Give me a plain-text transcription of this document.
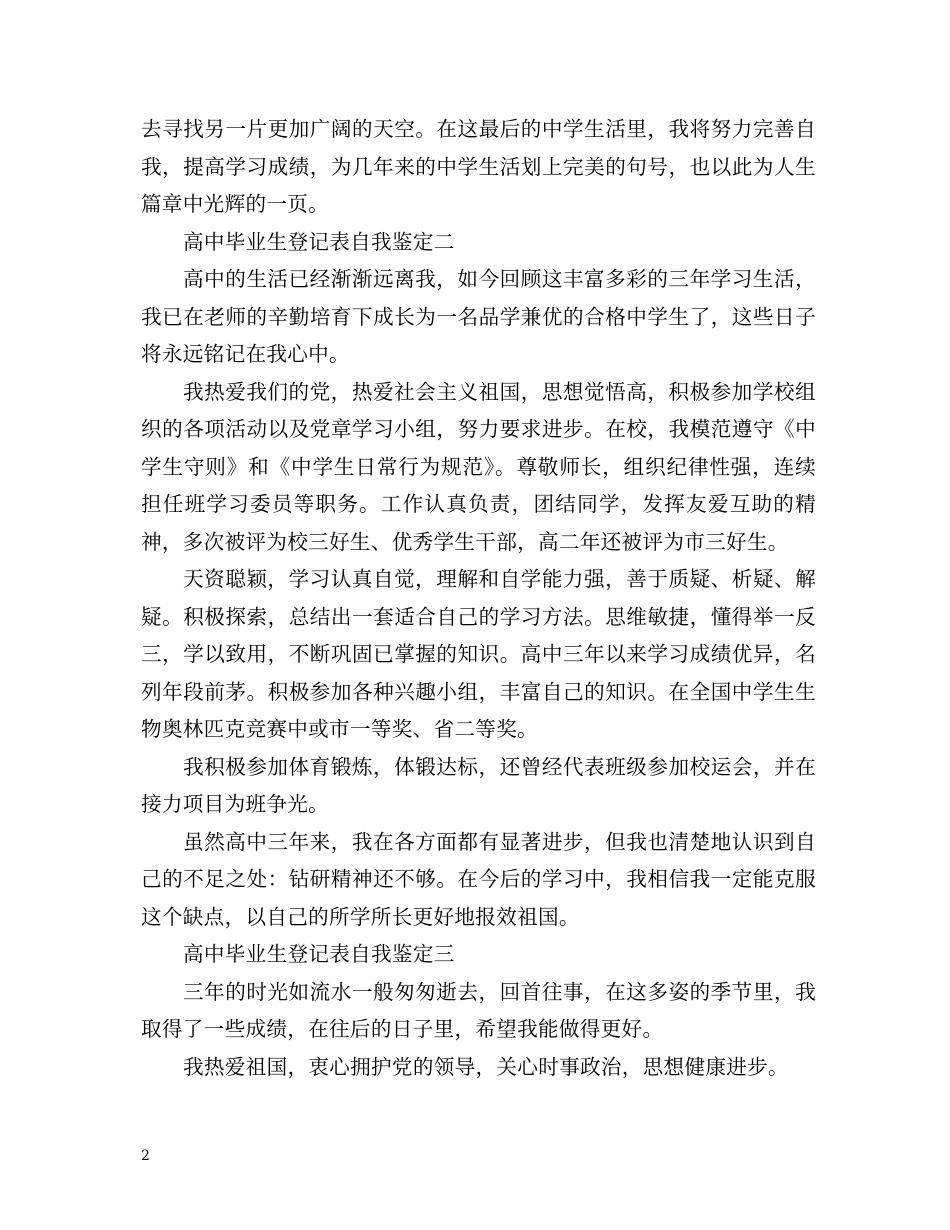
去寻找另一片更加广阔的天空。在这最后的中学生活里，我将努力完善自我，提高学习成绩，为几年来的中学生活划上完美的句号，也以此为人生篇章中光辉的一页。

高中毕业生登记表自我鉴定二

高中的生活已经渐渐远离我，如今回顾这丰富多彩的三年学习生活，我已在老师的辛勤培育下成长为一名品学兼优的合格中学生了，这些日子将永远铭记在我心中。

我热爱我们的党，热爱社会主义祖国，思想觉悟高，积极参加学校组织的各项活动以及党章学习小组，努力要求进步。在校，我模范遵守《中学生守则》和《中学生日常行为规范》。尊敬师长，组织纪律性强，连续担任班学习委员等职务。工作认真负责，团结同学，发挥友爱互助的精神，多次被评为校三好生、优秀学生干部，高二年还被评为市三好生。

天资聪颖，学习认真自觉，理解和自学能力强，善于质疑、析疑、解疑。积极探索，总结出一套适合自己的学习方法。思维敏捷，懂得举一反三，学以致用，不断巩固已掌握的知识。高中三年以来学习成绩优异，名列年段前茅。积极参加各种兴趣小组，丰富自己的知识。在全国中学生生物奥林匹克竞赛中或市一等奖、省二等奖。

我积极参加体育锻炼，体锻达标，还曾经代表班级参加校运会，并在接力项目为班争光。

虽然高中三年来，我在各方面都有显著进步，但我也清楚地认识到自己的不足之处：钻研精神还不够。在今后的学习中，我相信我一定能克服这个缺点，以自己的所学所长更好地报效祖国。

高中毕业生登记表自我鉴定三

三年的时光如流水一般匆匆逝去，回首往事，在这多姿的季节里，我取得了一些成绩，在往后的日子里，希望我能做得更好。

我热爱祖国，衷心拥护党的领导，关心时事政治，思想健康进步。

2
